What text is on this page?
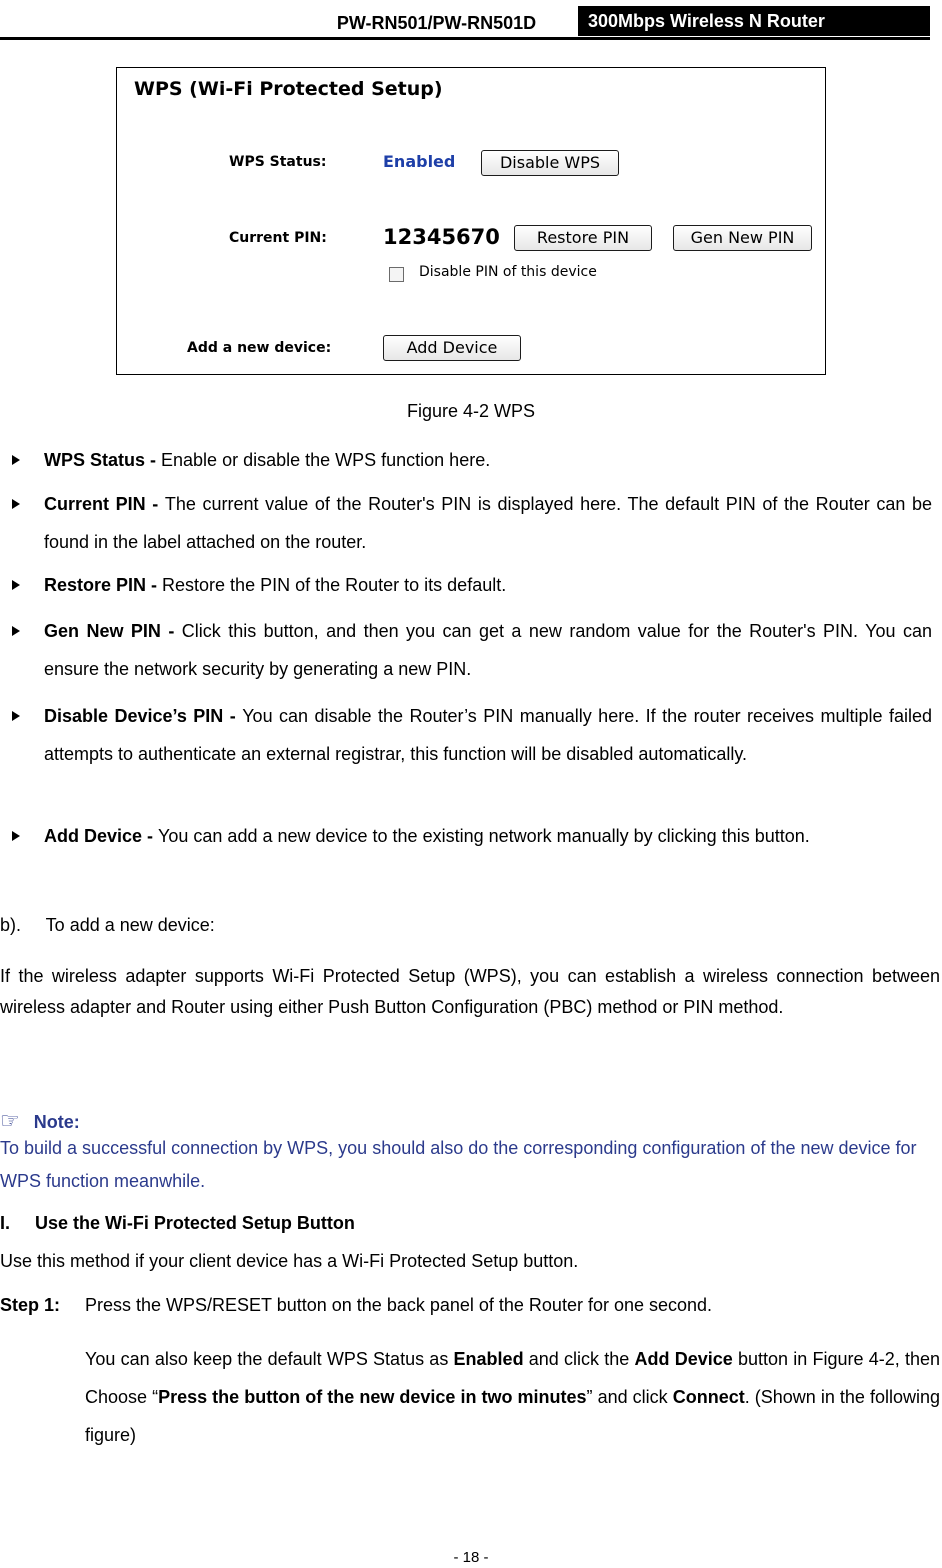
PW-RN501/PW-RN501D	300Mbps Wireless N Router
WPS (Wi-Fi Protected Setup)
WPS Status:	Enabled	Disable WPS
Current PIN:	12345670	Restore PIN	Gen New PIN
Disable PIN of this device
Add a new device:	Add Device
Figure 4-2 WPS
WPS Status - Enable or disable the WPS function here.
Current PIN - The current value of the Router's PIN is displayed here. The default PIN of the Router can be found in the label attached on the router.
Restore PIN - Restore the PIN of the Router to its default.
Gen New PIN - Click this button, and then you can get a new random value for the Router's PIN. You can ensure the network security by generating a new PIN.
Disable Device’s PIN - You can disable the Router’s PIN manually here. If the router receives multiple failed attempts to authenticate an external registrar, this function will be disabled automatically.
Add Device - You can add a new device to the existing network manually by clicking this button.
b).     To add a new device:
If the wireless adapter supports Wi-Fi Protected Setup (WPS), you can establish a wireless connection between wireless adapter and Router using either Push Button Configuration (PBC) method or PIN method.
☞ Note:
To build a successful connection by WPS, you should also do the corresponding configuration of the new device for WPS function meanwhile.
I.     Use the Wi-Fi Protected Setup Button
Use this method if your client device has a Wi-Fi Protected Setup button.
Step 1:	Press the WPS/RESET button on the back panel of the Router for one second.
You can also keep the default WPS Status as Enabled and click the Add Device button in Figure 4-2, then Choose “Press the button of the new device in two minutes” and click Connect. (Shown in the following figure)
- 18 -
